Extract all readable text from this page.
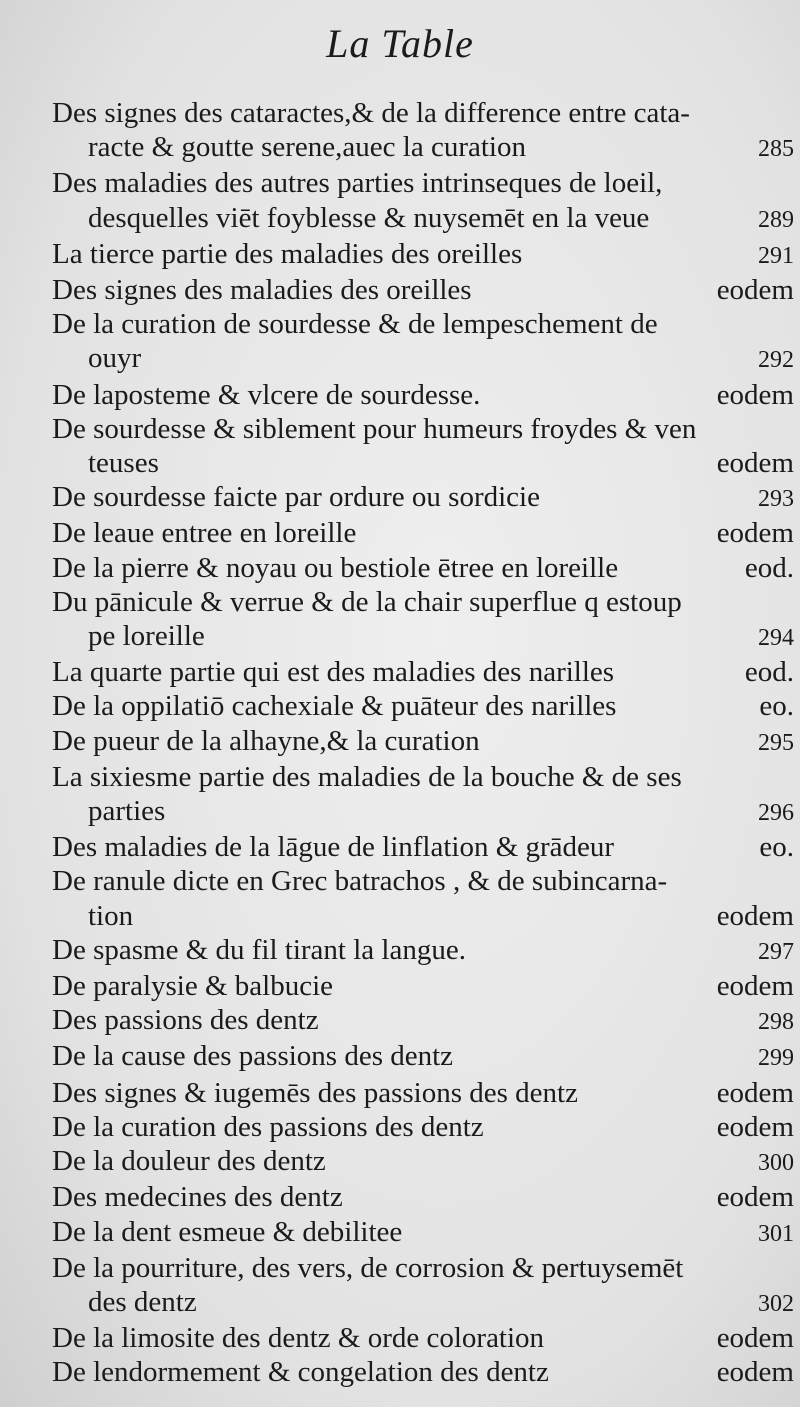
La Table
Des signes des cataractes,& de la difference entre cata-
racte & goutte serene,auec la curation	285
Des maladies des autres parties intrinseques de loeil,
desquelles viēt foyblesse & nuysemēt en la veue	289
La tierce partie des maladies des oreilles	291
Des signes des maladies des oreilles	eodem
De la curation de sourdesse & de lempeschement de
ouyr	292
De laposteme & vlcere de sourdesse.	eodem
De sourdesse & siblement pour humeurs froydes & ven
teuses	eodem
De sourdesse faicte par ordure ou sordicie	293
De leaue entree en loreille	eodem
De la pierre & noyau ou bestiole ētree en loreille	eod.
Du pānicule & verrue & de la chair superflue q estoup
pe loreille	294
La quarte partie qui est des maladies des narilles	eod.
De la oppilatiō cachexiale & puāteur des narilles	eo.
De pueur de la alhayne,& la curation	295
La sixiesme partie des maladies de la bouche & de ses
parties	296
Des maladies de la lāgue de linflation & grādeur	eo.
De ranule dicte en Grec batrachos , & de subincarna-
tion	eodem
De spasme & du fil tirant la langue.	297
De paralysie & balbucie	eodem
Des passions des dentz	298
De la cause des passions des dentz	299
Des signes & iugemēs des passions des dentz	eodem
De la curation des passions des dentz	eodem
De la douleur des dentz	300
Des medecines des dentz	eodem
De la dent esmeue & debilitee	301
De la pourriture, des vers, de corrosion & pertuysemēt
des dentz	302
De la limosite des dentz & orde coloration	eodem
De lendormement & congelation des dentz	eodem
